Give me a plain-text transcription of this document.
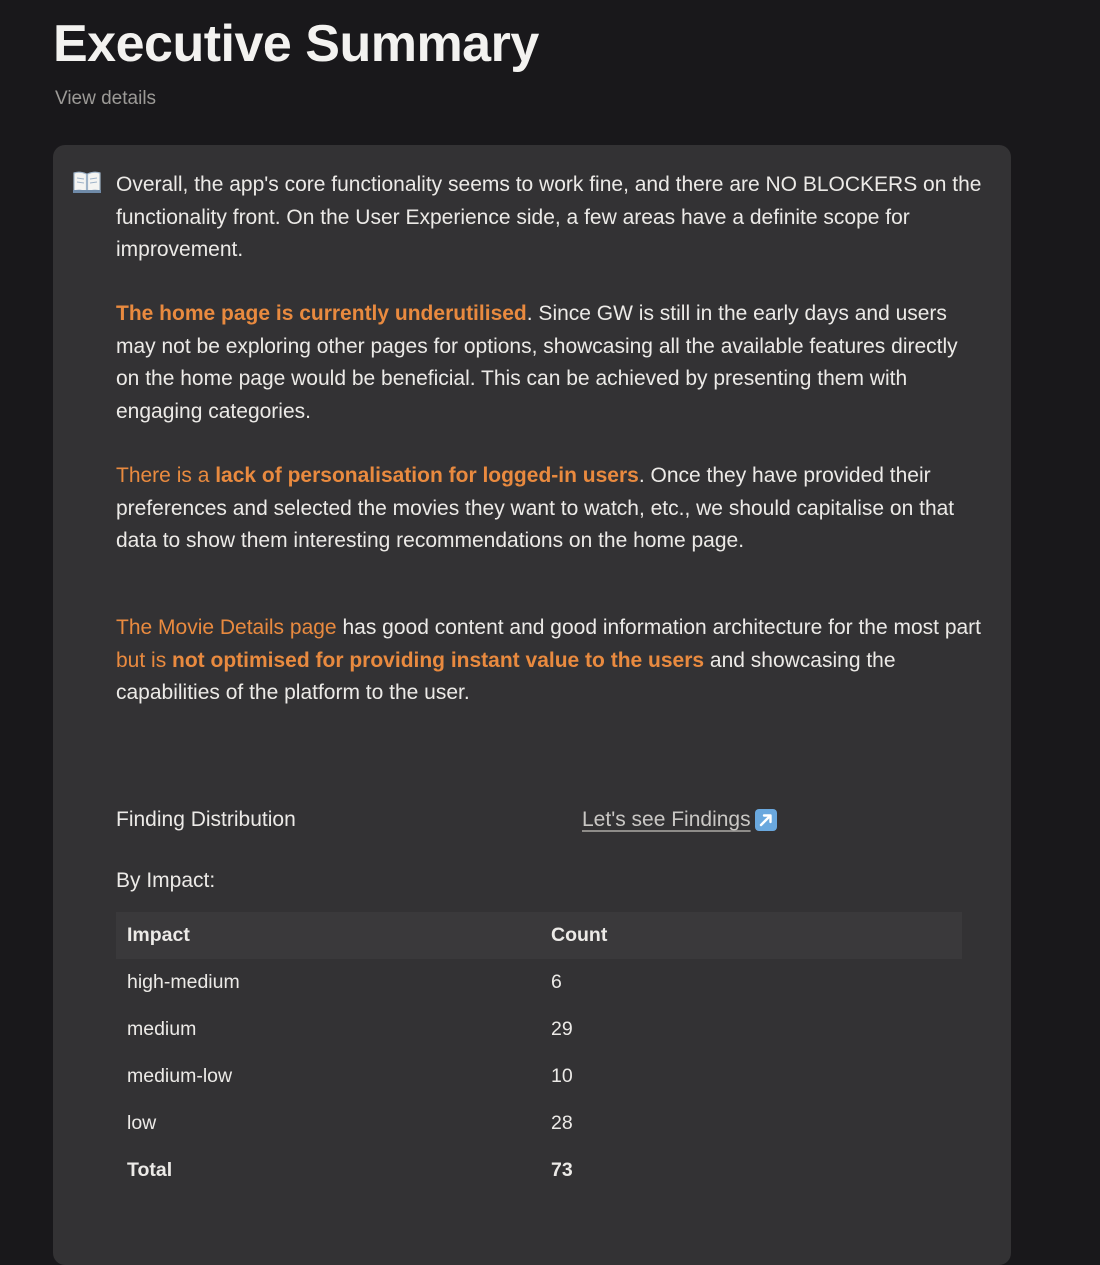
Executive Summary
View details

Overall, the app's core functionality seems to work fine, and there are NO BLOCKERS on the functionality front. On the User Experience side, a few areas have a definite scope for improvement.

The home page is currently underutilised. Since GW is still in the early days and users may not be exploring other pages for options, showcasing all the available features directly on the home page would be beneficial. This can be achieved by presenting them with engaging categories.

There is a lack of personalisation for logged-in users. Once they have provided their preferences and selected the movies they want to watch, etc., we should capitalise on that data to show them interesting recommendations on the home page.

The Movie Details page has good content and good information architecture for the most part but is not optimised for providing instant value to the users and showcasing the capabilities of the platform to the user.

Finding Distribution	Let's see Findings
By Impact:
Impact	Count
high-medium	6
medium	29
medium-low	10
low	28
Total	73
